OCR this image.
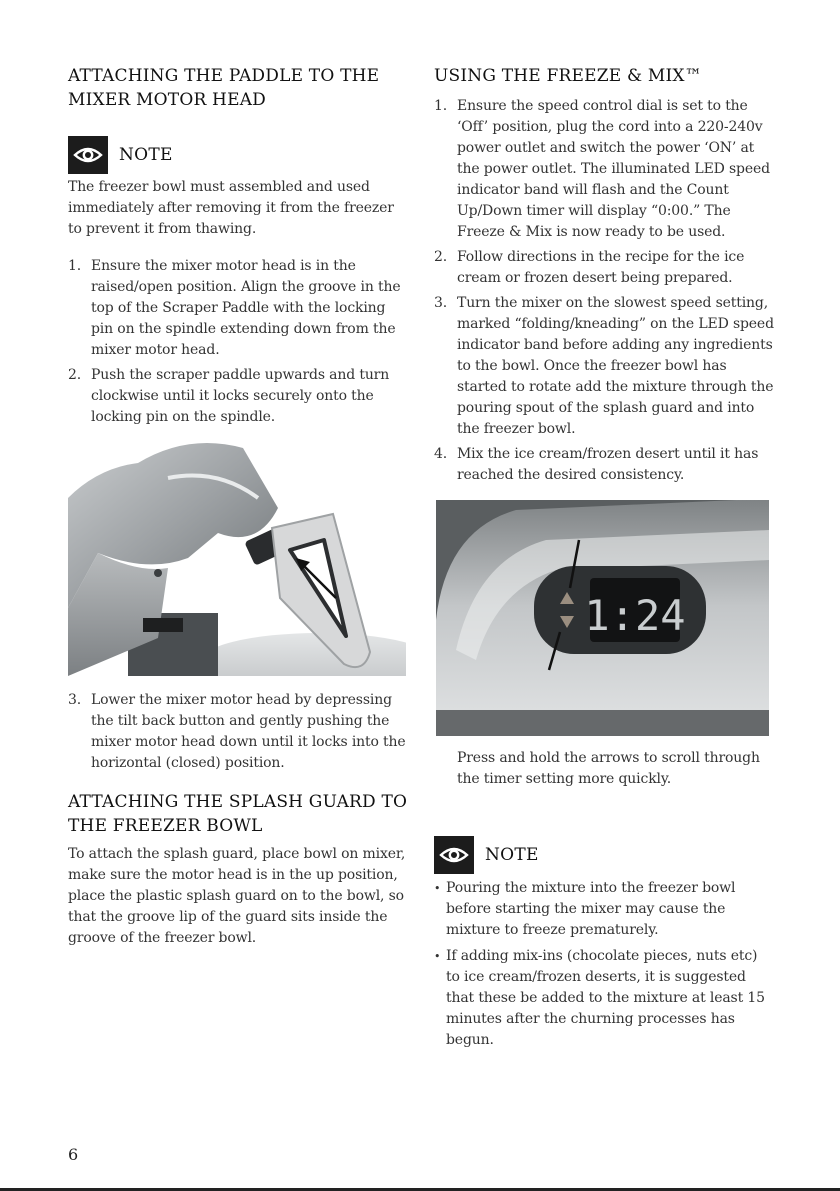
ATTACHING THE PADDLE TO THE MIXER MOTOR HEAD
NOTE

The freezer bowl must assembled and used immediately after removing it from the freezer to prevent it from thawing.

1. Ensure the mixer motor head is in the raised/open position. Align the groove in the top of the Scraper Paddle with the locking pin on the spindle extending down from the mixer motor head.
2. Push the scraper paddle upwards and turn clockwise until it locks securely onto the locking pin on the spindle.
3. Lower the mixer motor head by depressing the tilt back button and gently pushing the mixer motor head down until it locks into the horizontal (closed) position.
ATTACHING THE SPLASH GUARD TO THE FREEZER BOWL

To attach the splash guard, place bowl on mixer, make sure the motor head is in the up position, place the plastic splash guard on to the bowl, so that the groove lip of the guard sits inside the groove of the freezer bowl.

USING THE FREEZE & MIX™
1. Ensure the speed control dial is set to the ‘Off’ position, plug the cord into a 220-240v power outlet and switch the power ‘ON’ at the power outlet. The illuminated LED speed indicator band will flash and the Count Up/Down timer will display “0:00.” The Freeze & Mix is now ready to be used.
2. Follow directions in the recipe for the ice cream or frozen desert being prepared.
3. Turn the mixer on the slowest speed setting, marked “folding/kneading” on the LED speed indicator band before adding any ingredients to the bowl. Once the freezer bowl has started to rotate add the mixture through the pouring spout of the splash guard and into the freezer bowl.
4. Mix the ice cream/frozen desert until it has reached the desired consistency.
1:24

Press and hold the arrows to scroll through the timer setting more quickly.

NOTE
• Pouring the mixture into the freezer bowl before starting the mixer may cause the mixture to freeze prematurely.
• If adding mix-ins (chocolate pieces, nuts etc) to ice cream/frozen deserts, it is suggested that these be added to the mixture at least 15 minutes after the churning processes has begun.
6
